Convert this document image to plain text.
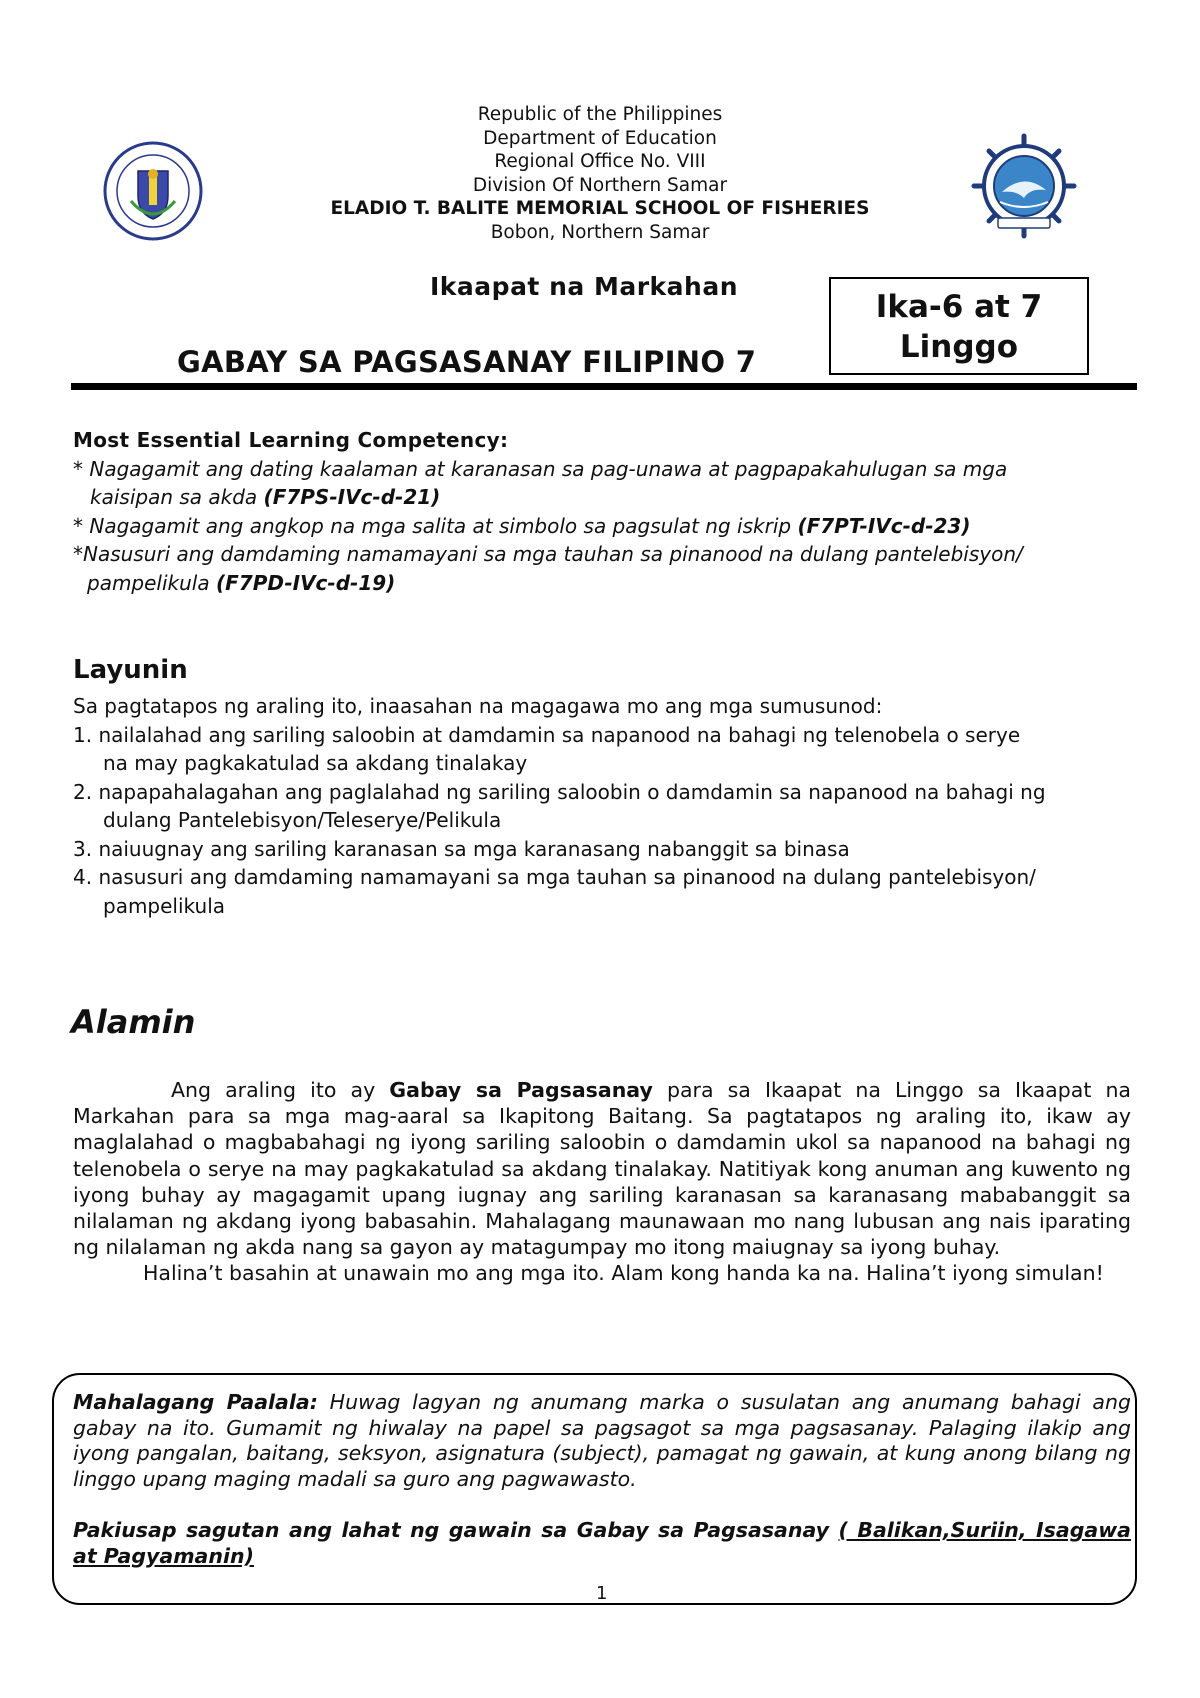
Republic of the Philippines
Department of Education
Regional Office No. VIII
Division Of Northern Samar
ELADIO T. BALITE MEMORIAL SCHOOL OF FISHERIES
Bobon, Northern Samar
Ikaapat na Markahan
Ika-6 at 7
Linggo
GABAY SA PAGSASANAY FILIPINO 7
Most Essential Learning Competency:
* Nagagamit ang dating kaalaman at karanasan sa pag-unawa at pagpapakahulugan sa mga
kaisipan sa akda (F7PS-IVc-d-21)
* Nagagamit ang angkop na mga salita at simbolo sa pagsulat ng iskrip (F7PT-IVc-d-23)
*Nasusuri ang damdaming namamayani sa mga tauhan sa pinanood na dulang pantelebisyon/
pampelikula (F7PD-IVc-d-19)
Layunin
Sa pagtatapos ng araling ito, inaasahan na magagawa mo ang mga sumusunod:
1. nailalahad ang sariling saloobin at damdamin sa napanood na bahagi ng telenobela o serye
na may pagkakatulad sa akdang tinalakay
2. napapahalagahan ang paglalahad ng sariling saloobin o damdamin sa napanood na bahagi ng
dulang Pantelebisyon/Teleserye/Pelikula
3. naiuugnay ang sariling karanasan sa mga karanasang nabanggit sa binasa
4. nasusuri ang damdaming namamayani sa mga tauhan sa pinanood na dulang pantelebisyon/
pampelikula
Alamin

Ang araling ito ay Gabay sa Pagsasanay para sa Ikaapat na Linggo sa Ikaapat na Markahan para sa mga mag-aaral sa Ikapitong Baitang. Sa pagtatapos ng araling ito, ikaw ay maglalahad o magbabahagi ng iyong sariling saloobin o damdamin ukol sa napanood na bahagi ng telenobela o serye na may pagkakatulad sa akdang tinalakay. Natitiyak kong anuman ang kuwento ng iyong buhay ay magagamit upang iugnay ang sariling karanasan sa karanasang mababanggit sa nilalaman ng akdang iyong babasahin. Mahalagang maunawaan mo nang lubusan ang nais iparating ng nilalaman ng akda nang sa gayon ay matagumpay mo itong maiugnay sa iyong buhay.

Halina’t basahin at unawain mo ang mga ito. Alam kong handa ka na. Halina’t iyong simulan!

Mahalagang Paalala: Huwag lagyan ng anumang marka o susulatan ang anumang bahagi ang gabay na ito. Gumamit ng hiwalay na papel sa pagsagot sa mga pagsasanay. Palaging ilakip ang iyong pangalan, baitang, seksyon, asignatura (subject), pamagat ng gawain, at kung anong bilang ng linggo upang maging madali sa guro ang pagwawasto.

Pakiusap sagutan ang lahat ng gawain sa Gabay sa Pagsasanay ( Balikan,Suriin, Isagawa at Pagyamanin)

1
